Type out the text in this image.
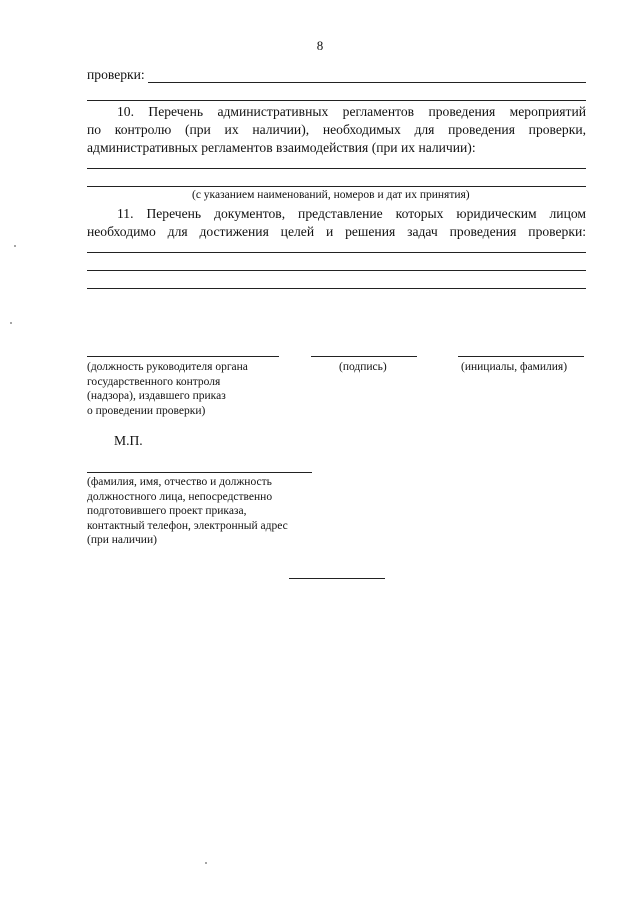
8
проверки:
10. Перечень административных регламентов проведения мероприятий
по контролю (при их наличии), необходимых для проведения проверки,
административных регламентов взаимодействия (при их наличии):
(с указанием наименований, номеров и дат их принятия)
11. Перечень документов, представление которых юридическим лицом
необходимо для достижения целей и решения задач проведения проверки:
(должность руководителя органа
государственного контроля
(надзора), издавшего приказ
о проведении проверки)
(подпись)	(инициалы, фамилия)
М.П.
(фамилия, имя, отчество и должность
должностного лица, непосредственно
подготовившего проект приказа,
контактный телефон, электронный адрес
(при наличии)
